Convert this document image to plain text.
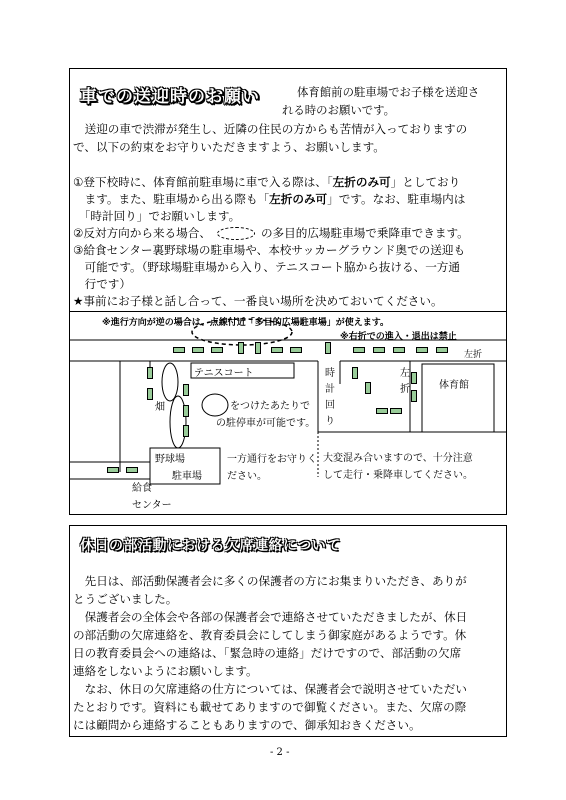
車での送迎時のお願い	体育館前の駐車場でお子様を送迎さ
れる時のお願いです。
　送迎の車で渋滞が発生し、近隣の住民の方からも苦情が入っておりますの
で、以下の約束をお守りいただきますよう、お願いします。
①登下校時に、体育館前駐車場に車で入る際は、「左折のみ可」としており
　ます。また、駐車場から出る際も「左折のみ可」です。なお、駐車場内は
　「時計回り」でお願いします。
②反対方向から来る場合、	の多目的広場駐車場で乗降車できます。
③給食センター裏野球場の駐車場や、本校サッカーグラウンド奥での送迎も
　可能です。（野球場駐車場から入り、テニスコート脇から抜ける、一方通
　行です）
★事前にお子様と話し合って、一番良い場所を決めておいてください。
※進行方向が逆の場合は、点線付近「多目的広場駐車場」が使えます。
※右折での進入・退出は禁止
左折
テニスコート
畑	をつけたあたりで
の駐停車が可能です。
野球場
駐車場
一方通行をお守りく
ださい。
給食
センター
時
計
回
り
左
折	体育館
大変混み合いますので、十分注意
して走行・乗降車してください。
休日の部活動における欠席連絡について
　先日は、部活動保護者会に多くの保護者の方にお集まりいただき、ありが
とうございました。
　保護者会の全体会や各部の保護者会で連絡させていただきましたが、休日
の部活動の欠席連絡を、教育委員会にしてしまう御家庭があるようです。休
日の教育委員会への連絡は、「緊急時の連絡」だけですので、部活動の欠席
連絡をしないようにお願いします。
　なお、休日の欠席連絡の仕方については、保護者会で説明させていただい
たとおりです。資料にも載せてありますので御覧ください。また、欠席の際
には顧問から連絡することもありますので、御承知おきください。
- 2 -
